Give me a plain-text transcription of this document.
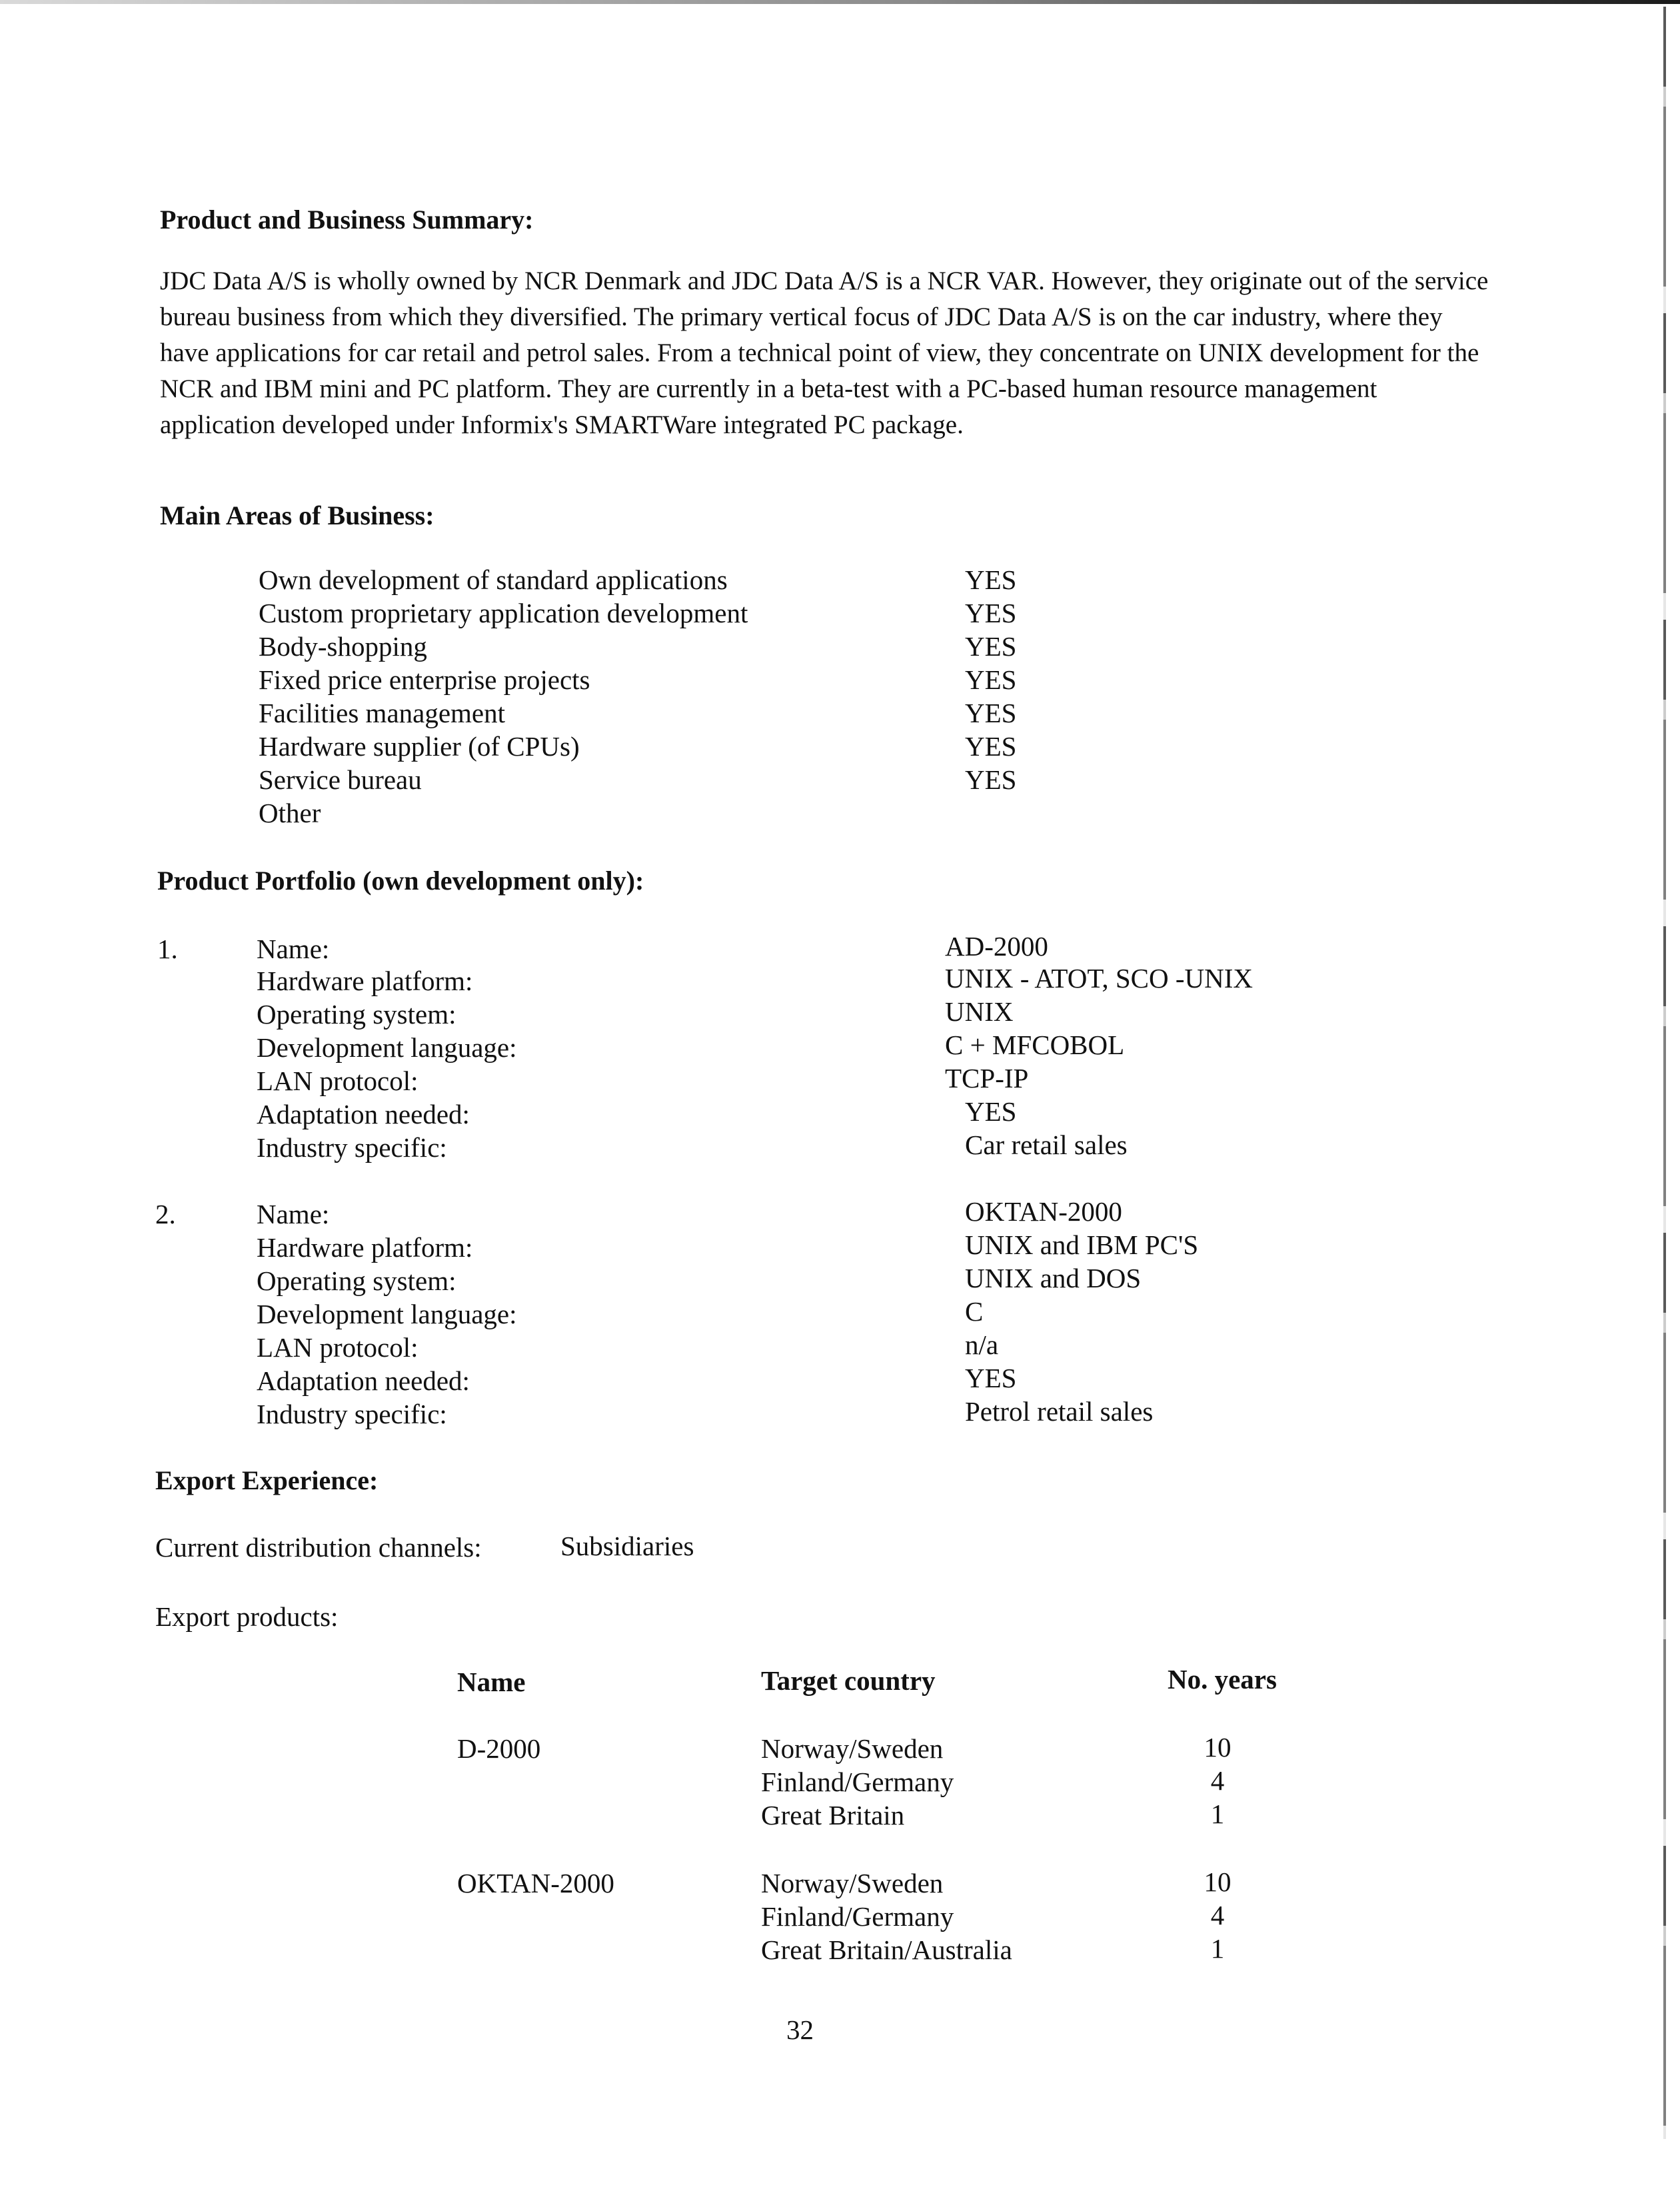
Product and Business Summary:

JDC Data A/S is wholly owned by NCR Denmark and JDC Data A/S is a NCR VAR. However, they originate out of the service bureau business from which they diversified. The primary vertical focus of JDC Data A/S is on the car industry, where they have applications for car retail and petrol sales. From a technical point of view, they concentrate on UNIX development for the NCR and IBM mini and PC platform. They are currently in a beta-test with a PC-based human resource management application developed under Informix's SMARTWare integrated PC package.

Main Areas of Business:
Own development of standard applications	YES
Custom proprietary application development	YES
Body-shopping	YES
Fixed price enterprise projects	YES
Facilities management	YES
Hardware supplier (of CPUs)	YES
Service bureau	YES
Other
Product Portfolio (own development only):
1.	Name:	AD-2000
Hardware platform:	UNIX - ATOT, SCO -UNIX
Operating system:	UNIX
Development language:	C + MFCOBOL
LAN protocol:	TCP-IP
Adaptation needed:	YES
Industry specific:	Car retail sales
2.	Name:	OKTAN-2000
Hardware platform:	UNIX and IBM PC'S
Operating system:	UNIX and DOS
Development language:	C
LAN protocol:	n/a
Adaptation needed:	YES
Industry specific:	Petrol retail sales
Export Experience:
Current distribution channels:	Subsidiaries
Export products:
Name	Target country	No. years
D-2000	Norway/Sweden	10
Finland/Germany	4
Great Britain	1
OKTAN-2000	Norway/Sweden	10
Finland/Germany	4
Great Britain/Australia	1
32
